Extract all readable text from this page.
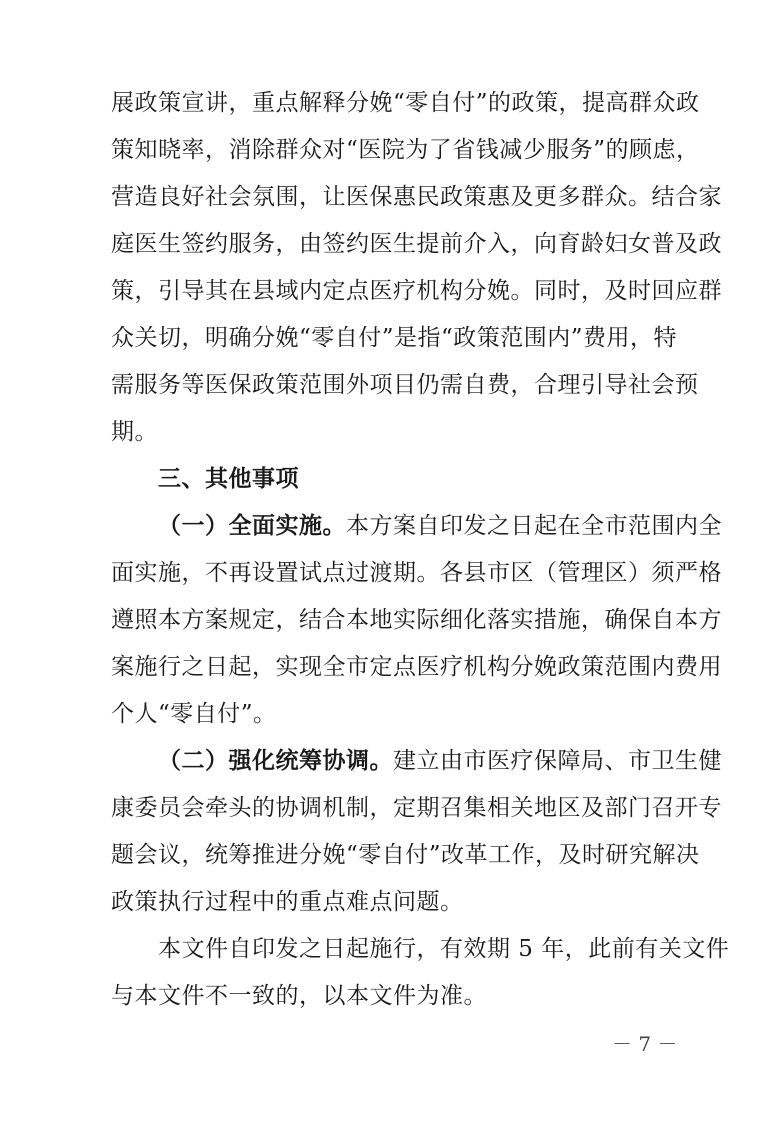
展政策宣讲，重点解释分娩“零自付”的政策，提高群众政
策知晓率，消除群众对“医院为了省钱减少服务”的顾虑，
营造良好社会氛围，让医保惠民政策惠及更多群众。结合家
庭医生签约服务，由签约医生提前介入，向育龄妇女普及政
策，引导其在县域内定点医疗机构分娩。同时，及时回应群
众关切，明确分娩“零自付”是指“政策范围内”费用，特
需服务等医保政策范围外项目仍需自费，合理引导社会预
期。
三、其他事项
（一）全面实施。本方案自印发之日起在全市范围内全
面实施，不再设置试点过渡期。各县市区（管理区）须严格
遵照本方案规定，结合本地实际细化落实措施，确保自本方
案施行之日起，实现全市定点医疗机构分娩政策范围内费用
个人“零自付”。
（二）强化统筹协调。建立由市医疗保障局、市卫生健
康委员会牵头的协调机制，定期召集相关地区及部门召开专
题会议，统筹推进分娩“零自付”改革工作，及时研究解决
政策执行过程中的重点难点问题。
本文件自印发之日起施行，有效期 5 年，此前有关文件
与本文件不一致的，以本文件为准。
－ 7 －
